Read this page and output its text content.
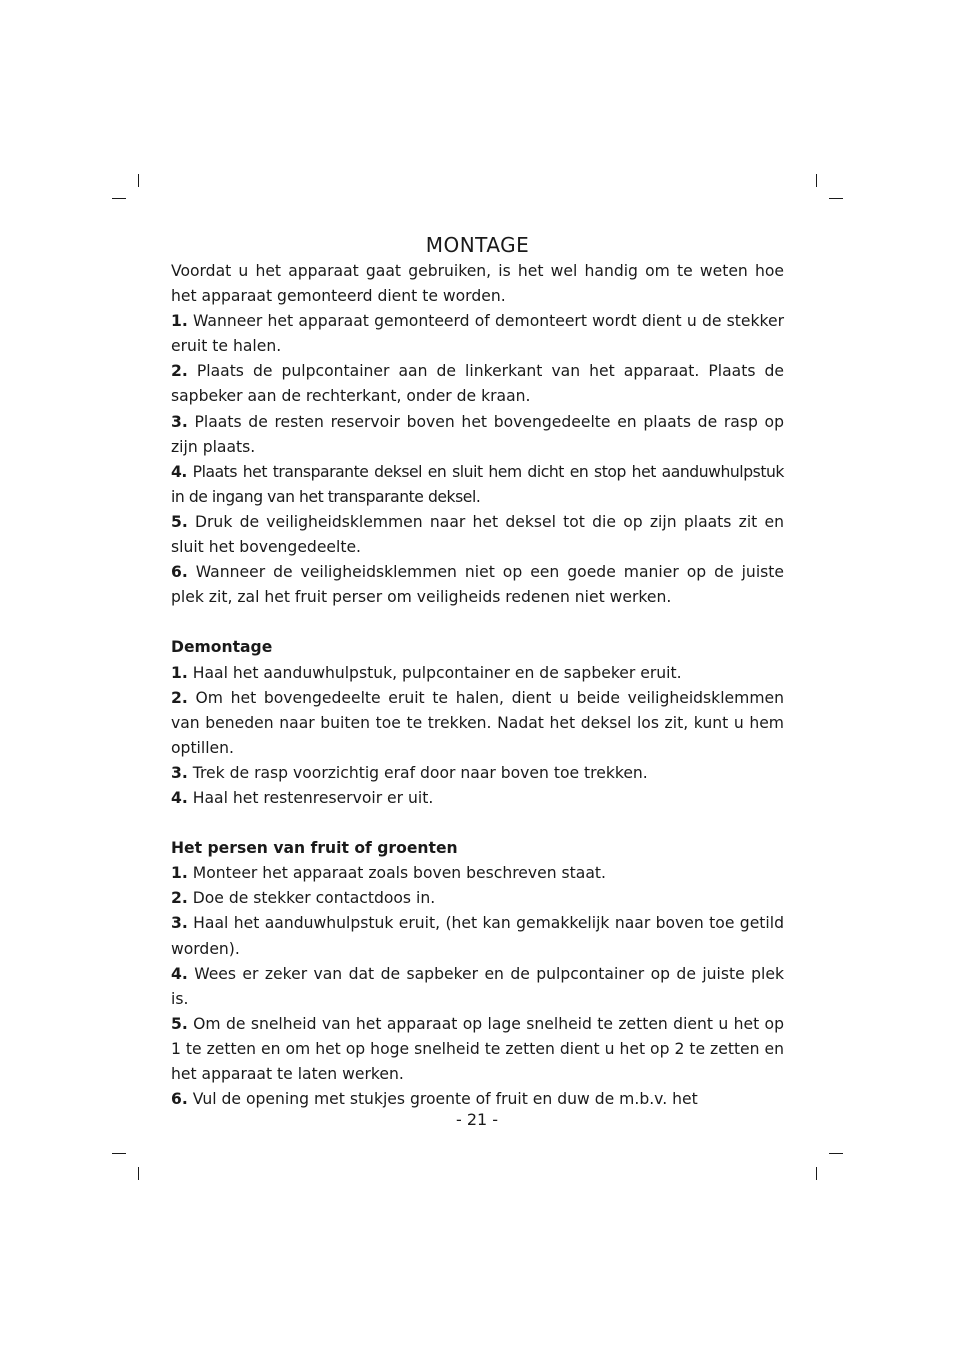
MONTAGE

Voordat u het apparaat gaat gebruiken, is het wel handig om te weten hoe het apparaat gemonteerd dient te worden.

1. Wanneer het apparaat gemonteerd of demonteert wordt dient u de stekker eruit te halen.

2. Plaats de pulpcontainer aan de linkerkant van het apparaat. Plaats de sapbeker aan de rechterkant, onder de kraan.

3. Plaats de resten reservoir boven het bovengedeelte en plaats de rasp op zijn plaats.

4. Plaats het transparante deksel en sluit hem dicht en stop het aanduwhulpstuk in de ingang van het transparante deksel.

5. Druk de veiligheidsklemmen naar het deksel tot die op zijn plaats zit en sluit het bovengedeelte.

6. Wanneer de veiligheidsklemmen niet op een goede manier op de juiste plek zit, zal het fruit perser om veiligheids redenen niet werken.

Demontage

1. Haal het aanduwhulpstuk, pulpcontainer en de sapbeker eruit.

2. Om het bovengedeelte eruit te halen, dient u beide veiligheidsklemmen van beneden naar buiten toe te trekken. Nadat het deksel los zit, kunt u hem optillen.

3. Trek de rasp voorzichtig eraf door naar boven toe trekken.

4. Haal het restenreservoir er uit.

Het persen van fruit of groenten

1. Monteer het apparaat zoals boven beschreven staat.

2. Doe de stekker contactdoos in.

3. Haal het aanduwhulpstuk eruit, (het kan gemakkelijk naar boven toe getild worden).

4. Wees er zeker van dat de sapbeker en de pulpcontainer op de juiste plek is.

5. Om de snelheid van het apparaat op lage snelheid te zetten dient u het op 1 te zetten en om het op hoge snelheid te zetten dient u het op 2 te zetten en het apparaat te laten werken.

6. Vul de opening met stukjes groente of fruit en duw de m.b.v. het

- 21 -
